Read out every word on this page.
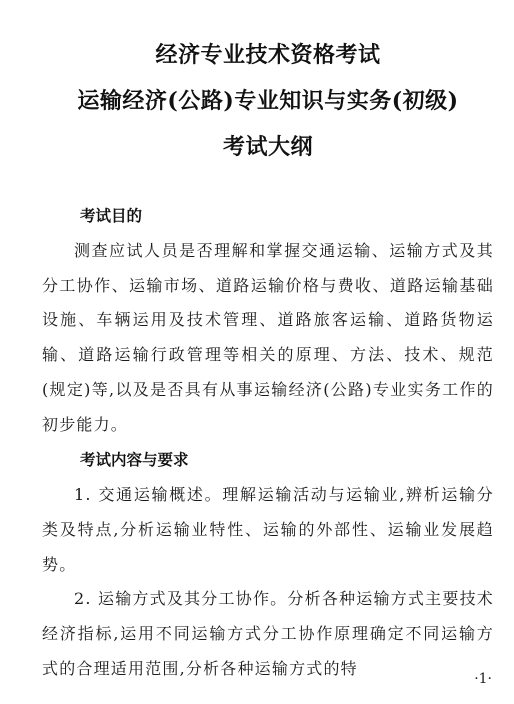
经济专业技术资格考试
运输经济(公路)专业知识与实务(初级)
考试大纲
考试目的

测查应试人员是否理解和掌握交通运输、运输方式及其分工协作、运输市场、道路运输价格与费收、道路运输基础设施、车辆运用及技术管理、道路旅客运输、道路货物运输、道路运输行政管理等相关的原理、方法、技术、规范(规定)等,以及是否具有从事运输经济(公路)专业实务工作的初步能力。

考试内容与要求

1. 交通运输概述。理解运输活动与运输业,辨析运输分类及特点,分析运输业特性、运输的外部性、运输业发展趋势。

2. 运输方式及其分工协作。分析各种运输方式主要技术经济指标,运用不同运输方式分工协作原理确定不同运输方式的合理适用范围,分析各种运输方式的特

·1·
